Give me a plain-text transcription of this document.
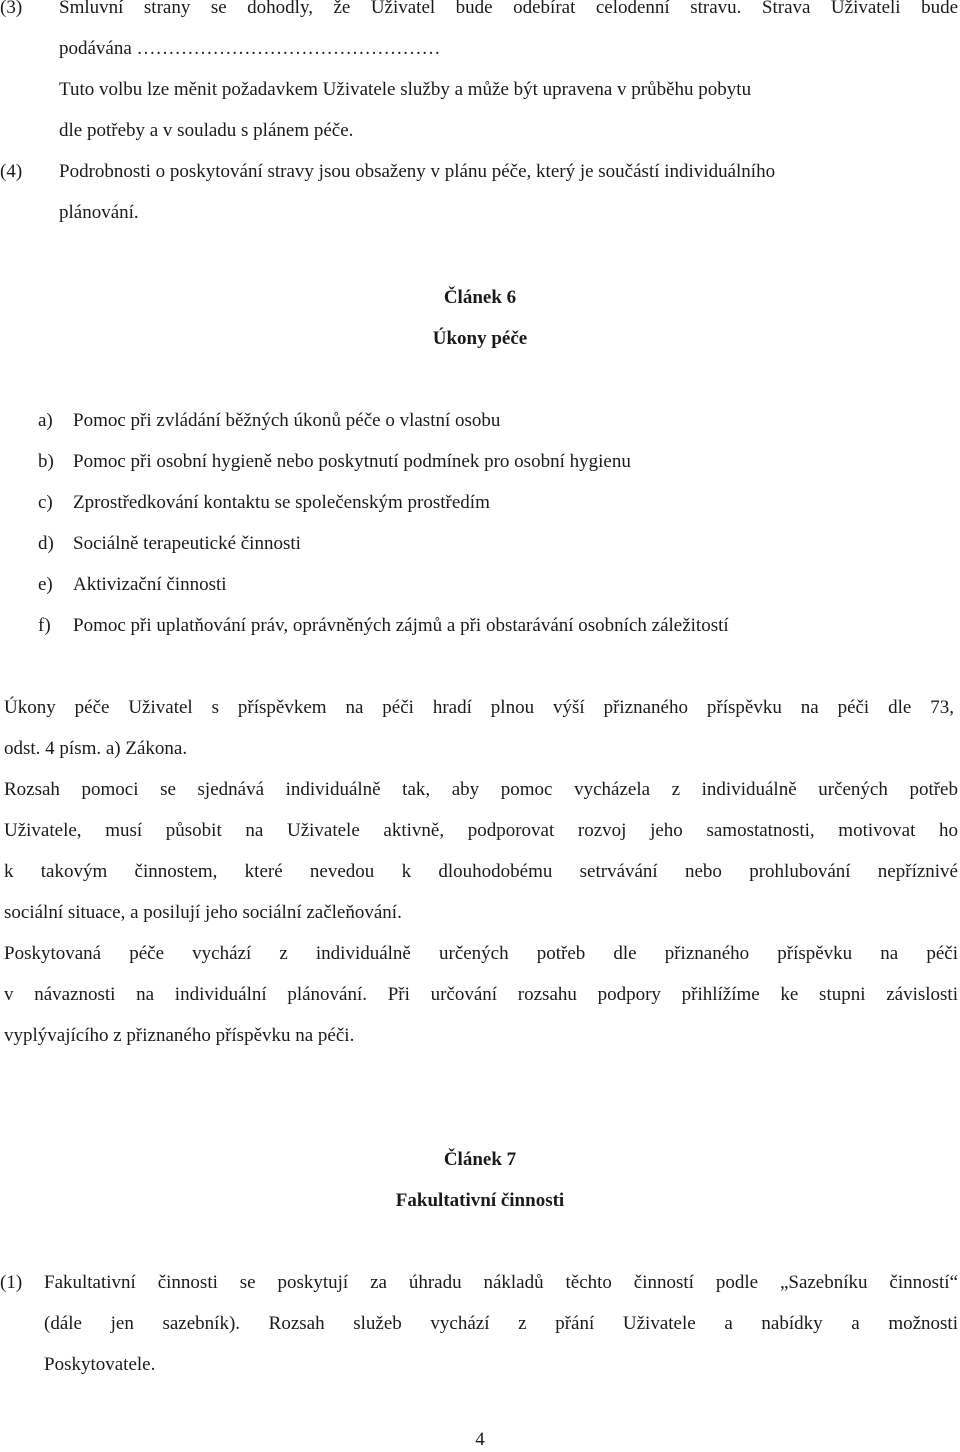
(3) Smluvní strany se dohodly, že Uživatel bude odebírat celodenní stravu. Strava Uživateli bude
podávána …………………………………………
Tuto volbu lze měnit požadavkem Uživatele služby a může být upravena v průběhu pobytu
dle potřeby a v souladu s plánem péče.
(4) Podrobnosti o poskytování stravy jsou obsaženy v plánu péče, který je součástí individuálního
plánování.
Článek 6
Úkony péče
a) Pomoc při zvládání běžných úkonů péče o vlastní osobu
b) Pomoc při osobní hygieně nebo poskytnutí podmínek pro osobní hygienu
c) Zprostředkování kontaktu se společenským prostředím
d) Sociálně terapeutické činnosti
e) Aktivizační činnosti
f) Pomoc při uplatňování práv, oprávněných zájmů a při obstarávání osobních záležitostí
Úkony péče Uživatel s příspěvkem na péči hradí plnou výší přiznaného příspěvku na péči dle 73,
odst. 4 písm. a) Zákona.
Rozsah pomoci se sjednává individuálně tak, aby pomoc vycházela z individuálně určených potřeb
Uživatele, musí působit na Uživatele aktivně, podporovat rozvoj jeho samostatnosti, motivovat ho
k takovým činnostem, které nevedou k dlouhodobému setrvávání nebo prohlubování nepříznivé
sociální situace, a posilují jeho sociální začleňování.
Poskytovaná péče vychází z individuálně určených potřeb dle přiznaného příspěvku na péči
v návaznosti na individuální plánování. Při určování rozsahu podpory přihlížíme ke stupni závislosti
vyplývajícího z přiznaného příspěvku na péči.
Článek 7
Fakultativní činnosti
(1) Fakultativní činnosti se poskytují za úhradu nákladů těchto činností podle „Sazebníku činností“
(dále jen sazebník). Rozsah služeb vychází z přání Uživatele a nabídky a možnosti
Poskytovatele.
4
